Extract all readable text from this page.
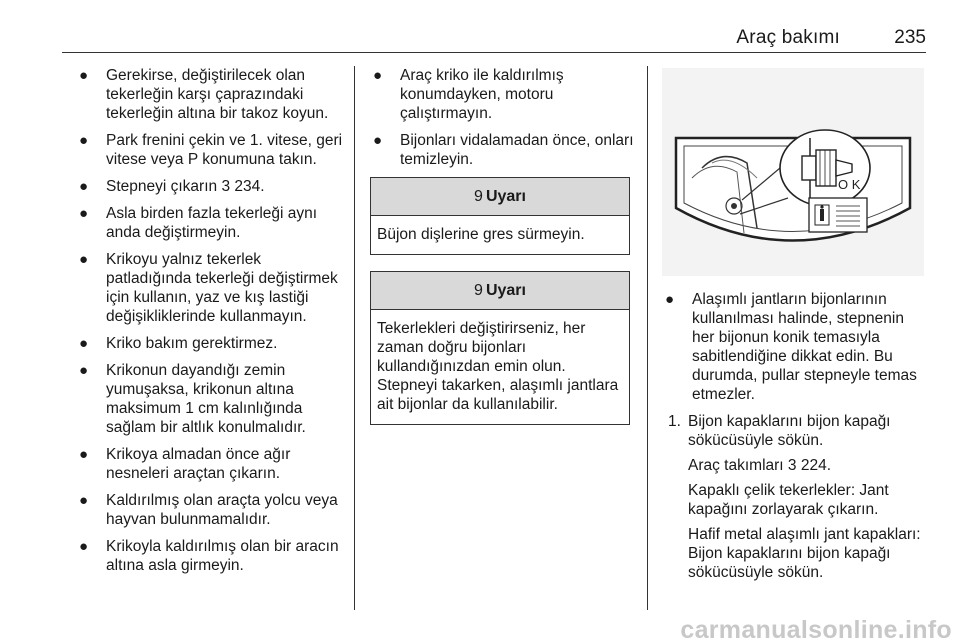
Araç bakımı	235
● Gerekirse, değiştirilecek olan tekerleğin karşı çaprazındaki tekerleğin altına bir takoz koyun.
● Park frenini çekin ve 1. vitese, geri vitese veya P konumuna takın.
● Stepneyi çıkarın 3 234.
● Asla birden fazla tekerleği aynı anda değiştirmeyin.
● Krikoyu yalnız tekerlek patladığında tekerleği değiştirmek için kullanın, yaz ve kış lastiği değişikliklerinde kullanmayın.
● Kriko bakım gerektirmez.
● Krikonun dayandığı zemin yumuşaksa, krikonun altına maksimum 1 cm kalınlığında sağlam bir altlık konulmalıdır.
● Krikoya almadan önce ağır nesneleri araçtan çıkarın.
● Kaldırılmış olan araçta yolcu veya hayvan bulunmamalıdır.
● Krikoyla kaldırılmış olan bir aracın altına asla girmeyin.
● Araç kriko ile kaldırılmış konumdayken, motoru çalıştırmayın.
● Bijonları vidalamadan önce, onları temizleyin.
9 Uyarı
Büjon dişlerine gres sürmeyin.
9 Uyarı
Tekerlekleri değiştirirseniz, her zaman doğru bijonları kullandığınızdan emin olun. Stepneyi takarken, alaşımlı jantlara ait bijonlar da kullanılabilir.
O K
● Alaşımlı jantların bijonlarının kullanılması halinde, stepnenin her bijonun konik temasıyla sabitlendiğine dikkat edin. Bu durumda, pullar stepneyle temas etmezler.
1. Bijon kapaklarını bijon kapağı sökücüsüyle sökün.
Araç takımları 3 224.
Kapaklı çelik tekerlekler: Jant kapağını zorlayarak çıkarın.
Hafif metal alaşımlı jant kapakları: Bijon kapaklarını bijon kapağı sökücüsüyle sökün.
carmanualsonline.info
